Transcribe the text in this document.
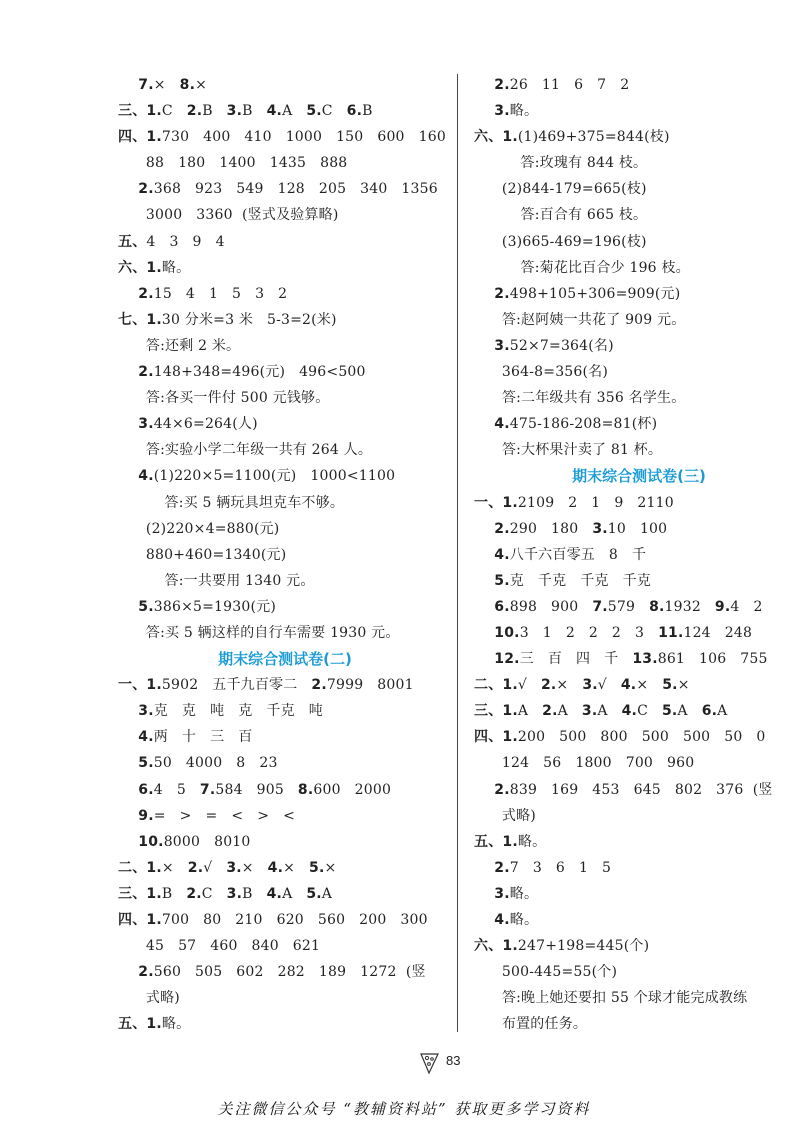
7.×   8.×
三、1.C   2.B   3.B   4.A   5.C   6.B
四、1.730   400   410   1000   150   600   160
88   180   1400   1435   888
2.368   923   549   128   205   340   1356
3000   3360  (竖式及验算略)
五、4   3   9   4
六、1.略。
2.15   4   1   5   3   2
七、1.30 分米=3 米   5-3=2(米)
答:还剩 2 米。
2.148+348=496(元)   496<500
答:各买一件付 500 元钱够。
3.44×6=264(人)
答:实验小学二年级一共有 264 人。
4.(1)220×5=1100(元)   1000<1100
答:买 5 辆玩具坦克车不够。
(2)220×4=880(元)
880+460=1340(元)
答:一共要用 1340 元。
5.386×5=1930(元)
答:买 5 辆这样的自行车需要 1930 元。
期末综合测试卷(二)
一、1.5902   五千九百零二   2.7999   8001
3.克   克   吨   克   千克   吨
4.两   十   三   百
5.50   4000   8   23
6.4   5   7.584   905   8.600   2000
9.=   >   =   <   >   <
10.8000   8010
二、1.×   2.√   3.×   4.×   5.×
三、1.B   2.C   3.B   4.A   5.A
四、1.700   80   210   620   560   200   300
45   57   460   840   621
2.560   505   602   282   189   1272  (竖
式略)
五、1.略。
2.26   11   6   7   2
3.略。
六、1.(1)469+375=844(枝)
答:玫瑰有 844 枝。
(2)844-179=665(枝)
答:百合有 665 枝。
(3)665-469=196(枝)
答:菊花比百合少 196 枝。
2.498+105+306=909(元)
答:赵阿姨一共花了 909 元。
3.52×7=364(名)
364-8=356(名)
答:二年级共有 356 名学生。
4.475-186-208=81(杯)
答:大杯果汁卖了 81 杯。
期末综合测试卷(三)
一、1.2109   2   1   9   2110
2.290   180   3.10   100
4.八千六百零五   8   千
5.克   千克   千克   千克
6.898   900   7.579   8.1932   9.4   2
10.3   1   2   2   2   3   11.124   248
12.三   百   四   千   13.861   106   755
二、1.√   2.×   3.√   4.×   5.×
三、1.A   2.A   3.A   4.C   5.A   6.A
四、1.200   500   800   500   500   50   0
124   56   1800   700   960
2.839   169   453   645   802   376  (竖
式略)
五、1.略。
2.7   3   6   1   5
3.略。
4.略。
六、1.247+198=445(个)
500-445=55(个)
答:晚上她还要扣 55 个球才能完成教练
布置的任务。
83
关注微信公众号 “教辅资料站” 获取更多学习资料
